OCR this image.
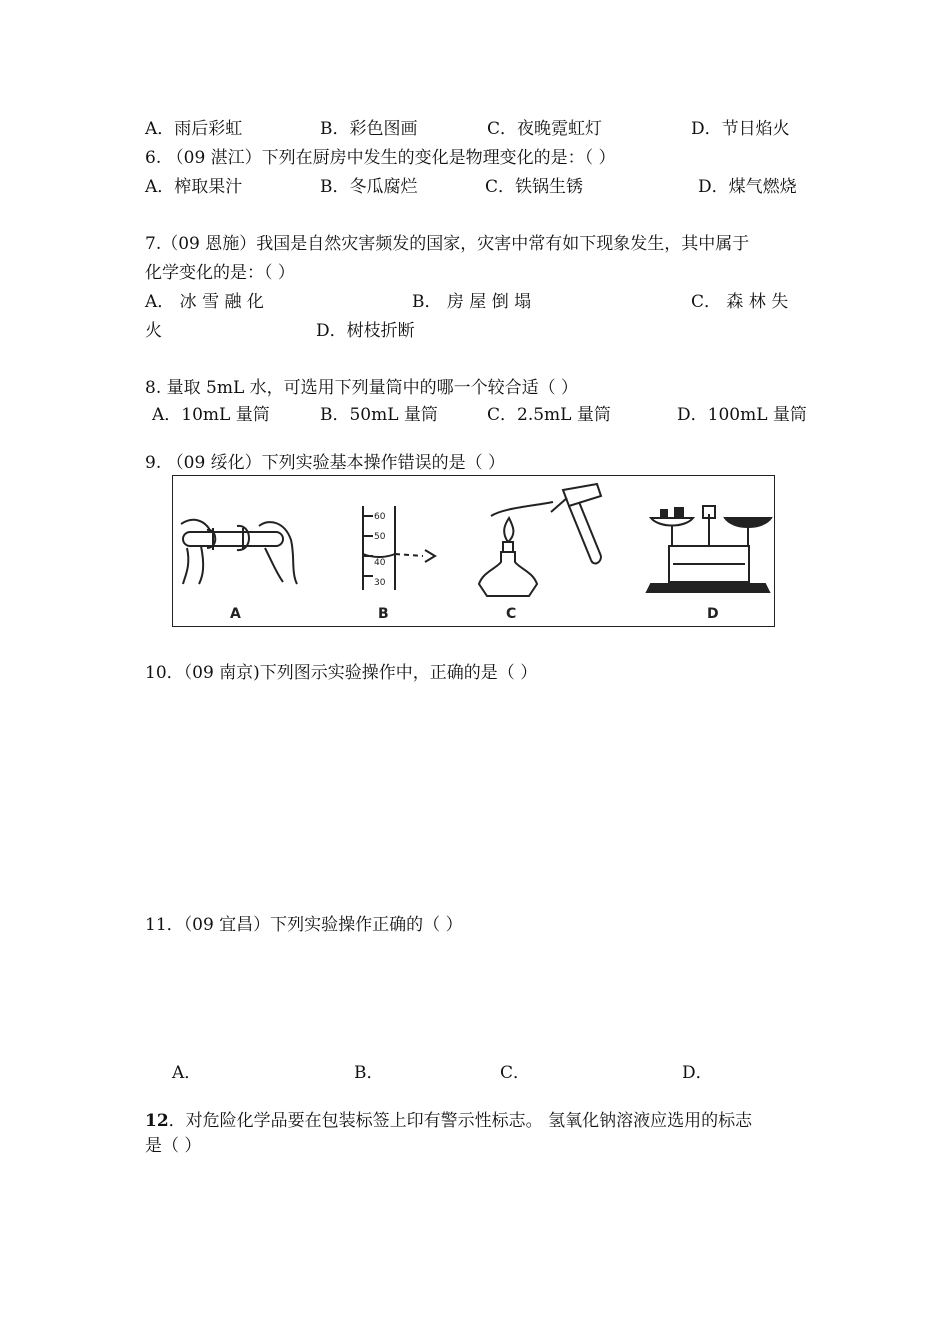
A．雨后彩虹	B．彩色图画	C．夜晚霓虹灯	D．节日焰火
6. （09 湛江）下列在厨房中发生的变化是物理变化的是：（ ）
A．榨取果汁	B．冬瓜腐烂	C．铁锅生锈	D．煤气燃烧
7.（09 恩施）我国是自然灾害频发的国家，灾害中常有如下现象发生，其中属于
化学变化的是：（ ）
A． 冰 雪 融 化	B． 房 屋 倒 塌	C． 森 林 失
火	D．树枝折断
8. 量取 5mL 水，可选用下列量筒中的哪一个较合适（ ）
A．10mL 量筒	B．50mL 量筒	C．2.5mL 量筒	D．100mL 量筒
9. （09 绥化）下列实验基本操作错误的是（ ）
60
50
40
30
A	B	C	D
10．（09 南京)下列图示实验操作中，正确的是（ ）
11．（09 宜昌）下列实验操作正确的（ ）
A．	B．	C．	D．
12．对危险化学品要在包装标签上印有警示性标志。 氢氧化钠溶液应选用的标志
是（ ）
